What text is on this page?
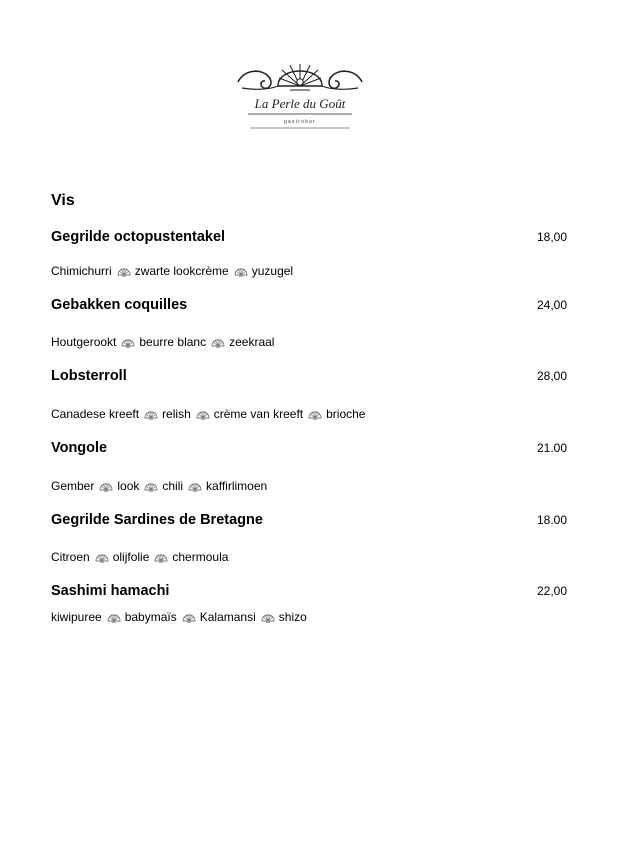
La Perle du Goût
gastrobar
Vis
Gegrilde octopustentakel	18,00
Chimichurri zwarte lookcrème yuzugel
Gebakken coquilles	24,00
Houtgerookt beurre blanc zeekraal
Lobsterroll	28,00
Canadese kreeft relish crème van kreeft brioche
Vongole	21.00
Gember look chili kaffirlimoen
Gegrilde Sardines de Bretagne	18.00
Citroen olijfolie chermoula
Sashimi hamachi	22,00
kiwipuree babymaïs Kalamansi shizo
